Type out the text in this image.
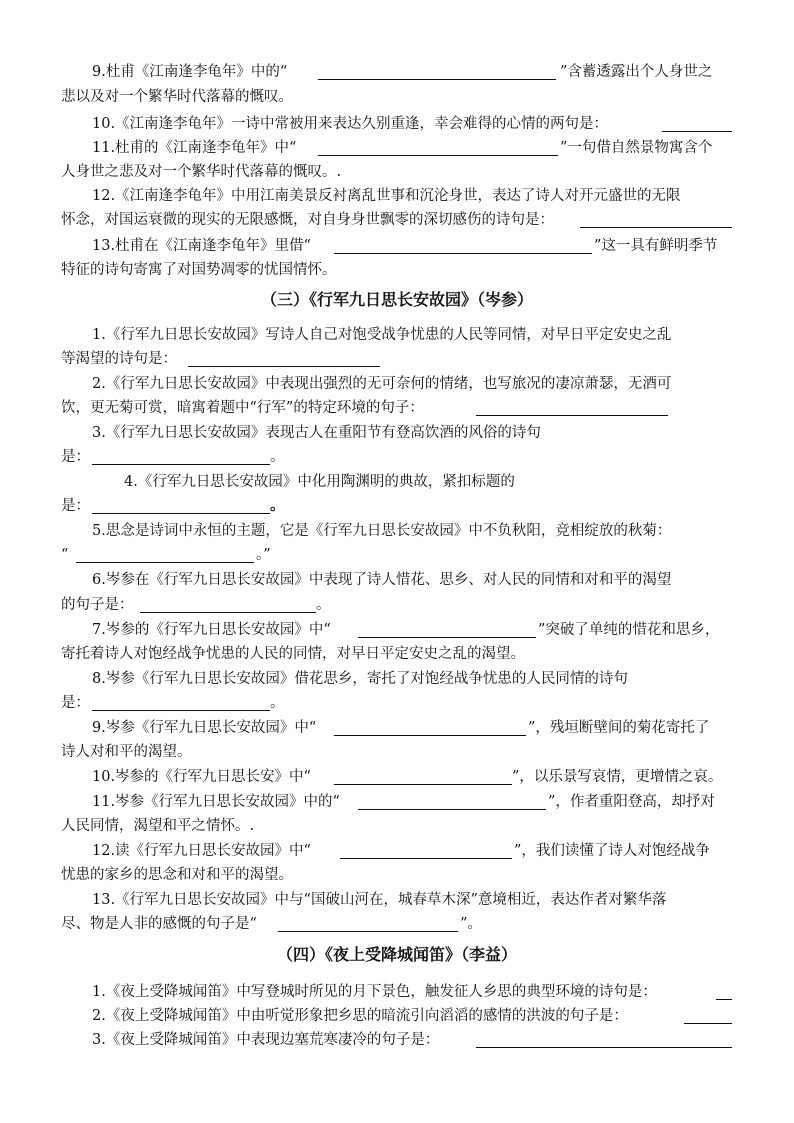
9.杜甫《江南逢李龟年》中的“	”含蓄透露出个人身世之
悲以及对一个繁华时代落幕的慨叹。
10.《江南逢李龟年》一诗中常被用来表达久别重逢，幸会难得的心情的两句是：
11.杜甫的《江南逢李龟年》中“	”一句借自然景物寓含个
人身世之悲及对一个繁华时代落幕的慨叹。.
12.《江南逢李龟年》中用江南美景反衬离乱世事和沉沦身世，表达了诗人对开元盛世的无限
怀念，对国运衰微的现实的无限感慨，对自身身世飘零的深切感伤的诗句是：
13.杜甫在《江南逢李龟年》里借“	”这一具有鲜明季节
特征的诗句寄寓了对国势凋零的忧国情怀。
（三）《行军九日思长安故园》（岑参）
1.《行军九日思长安故园》写诗人自己对饱受战争忧患的人民等同情，对早日平定安史之乱
等渴望的诗句是：
2.《行军九日思长安故园》中表现出强烈的无可奈何的情绪，也写旅况的凄凉萧瑟，无酒可
饮，更无菊可赏，暗寓着题中“行军”的特定环境的句子：
3.《行军九日思长安故园》表现古人在重阳节有登高饮酒的风俗的诗句
是：	。
4.《行军九日思长安故园》中化用陶渊明的典故，紧扣标题的
是：	。
5.思念是诗词中永恒的主题，它是《行军九日思长安故园》中不负秋阳，竞相绽放的秋菊：
“	。”
6.岑参在《行军九日思长安故园》中表现了诗人惜花、思乡、对人民的同情和对和平的渴望
的句子是：	。
7.岑参的《行军九日思长安故园》中“	”突破了单纯的惜花和思乡，
寄托着诗人对饱经战争忧患的人民的同情，对早日平定安史之乱的渴望。
8.岑参《行军九日思长安故园》借花思乡，寄托了对饱经战争忧患的人民同情的诗句
是：	。
9.岑参《行军九日思长安故园》中“	”，残垣断壁间的菊花寄托了
诗人对和平的渴望。
10.岑参的《行军九日思长安》中“	”，以乐景写哀情，更增情之哀。
11.岑参《行军九日思长安故园》中的“	”，作者重阳登高，却抒对
人民同情，渴望和平之情怀。.
12.读《行军九日思长安故园》中“	”，我们读懂了诗人对饱经战争
忧患的家乡的思念和对和平的渴望。
13.《行军九日思长安故园》中与“国破山河在，城春草木深”意境相近，表达作者对繁华落
尽、物是人非的感慨的句子是“	”。
（四）《夜上受降城闻笛》（李益）
1.《夜上受降城闻笛》中写登城时所见的月下景色，触发征人乡思的典型环境的诗句是：
2.《夜上受降城闻笛》中由听觉形象把乡思的暗流引向滔滔的感情的洪波的句子是：
3.《夜上受降城闻笛》中表现边塞荒寒凄冷的句子是：
